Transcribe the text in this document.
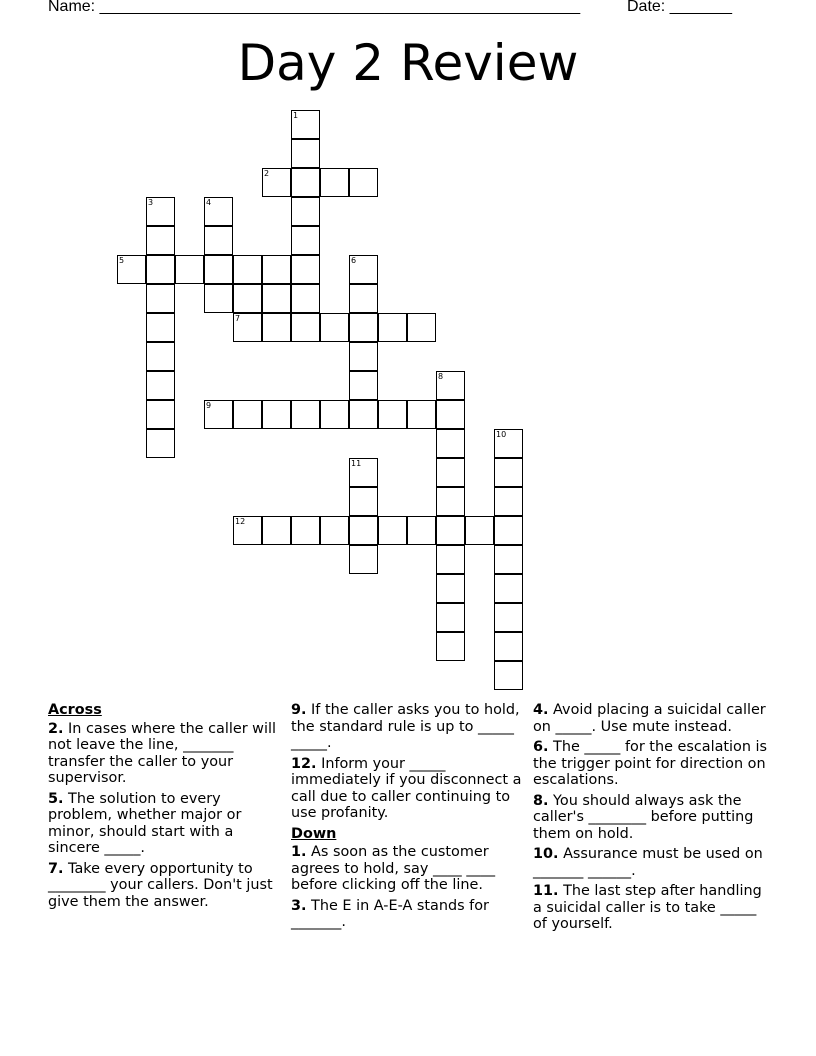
Name: ______________________________________________________	Date: _______
Day 2 Review
1
2
3	4
5	6
7
8
9
10
11
12
Across
2. In cases where the caller will not leave the line, _______ transfer the caller to your supervisor.
5. The solution to every problem, whether major or minor, should start with a sincere _____.
7. Take every opportunity to ________ your callers. Don't just give them the answer.
9. If the caller asks you to hold, the standard rule is up to _____ _____.
12. Inform your _____ immediately if you disconnect a call due to caller continuing to use profanity.
Down
1. As soon as the customer agrees to hold, say ____ ____ before clicking off the line.
3. The E in A-E-A stands for _______.
4. Avoid placing a suicidal caller on _____. Use mute instead.
6. The _____ for the escalation is the trigger point for direction on escalations.
8. You should always ask the caller's ________ before putting them on hold.
10. Assurance must be used on _______ ______.
11. The last step after handling a suicidal caller is to take _____ of yourself.
